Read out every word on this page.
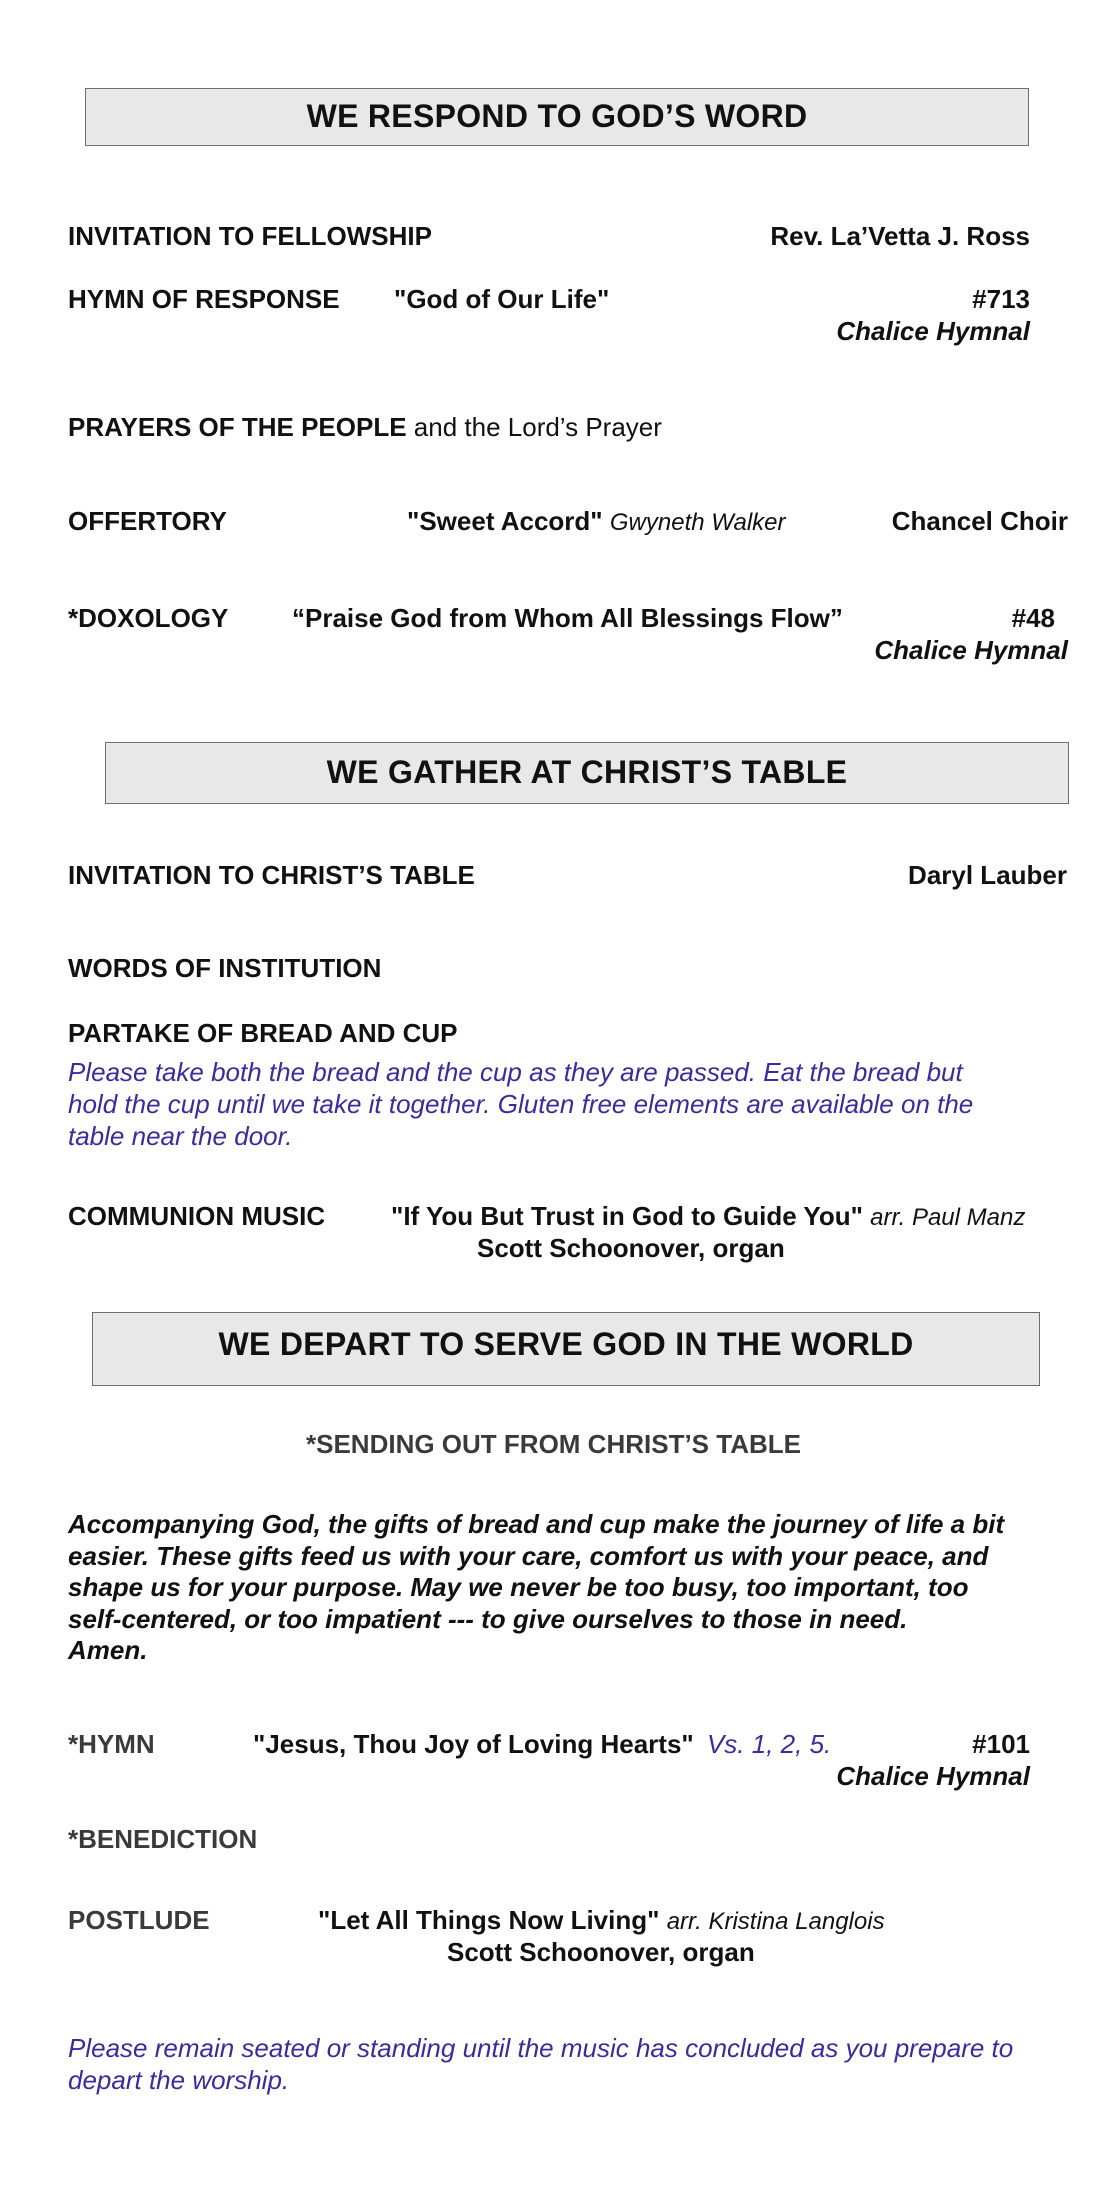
WE RESPOND TO GOD’S WORD
INVITATION TO FELLOWSHIP	Rev. La’Vetta J. Ross
HYMN OF RESPONSE "God of Our Life"	#713
Chalice Hymnal
PRAYERS OF THE PEOPLE and the Lord’s Prayer
OFFERTORY	"Sweet Accord" Gwyneth Walker	Chancel Choir
*DOXOLOGY “Praise God from Whom All Blessings Flow”	#48
Chalice Hymnal
WE GATHER AT CHRIST’S TABLE
INVITATION TO CHRIST’S TABLE	Daryl Lauber
WORDS OF INSTITUTION
PARTAKE OF BREAD AND CUP
Please take both the bread and the cup as they are passed. Eat the bread but
hold the cup until we take it together. Gluten free elements are available on the
table near the door.
COMMUNION MUSIC	"If You But Trust in God to Guide You" arr. Paul Manz
Scott Schoonover, organ
WE DEPART TO SERVE GOD IN THE WORLD
*SENDING OUT FROM CHRIST’S TABLE
Accompanying God, the gifts of bread and cup make the journey of life a bit
easier. These gifts feed us with your care, comfort us with your peace, and
shape us for your purpose. May we never be too busy, too important, too
self-centered, or too impatient --- to give ourselves to those in need.
Amen.
*HYMN	"Jesus, Thou Joy of Loving Hearts" Vs. 1, 2, 5.	#101
Chalice Hymnal
*BENEDICTION
POSTLUDE	"Let All Things Now Living" arr. Kristina Langlois
Scott Schoonover, organ
Please remain seated or standing until the music has concluded as you prepare to
depart the worship.
